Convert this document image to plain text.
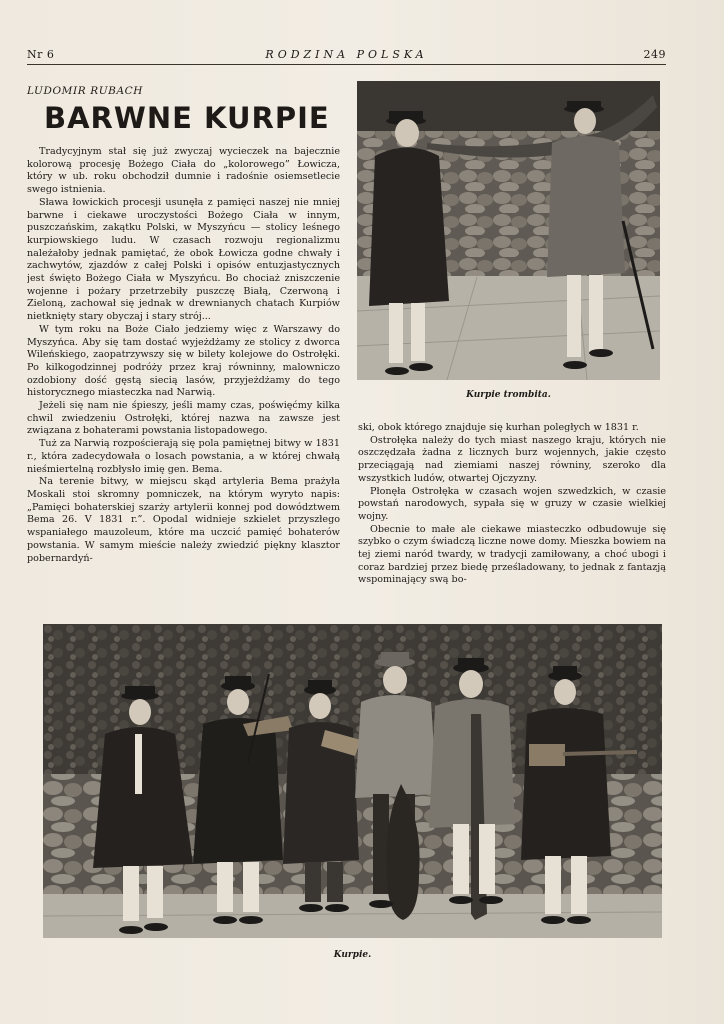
Nr 6	RODZINA POLSKA	249
LUDOMIR RUBACH
BARWNE KURPIE

Tradycyjnym stał się już zwyczaj wycieczek na bajecznie kolorową procesję Bożego Ciała do „kolorowego” Łowicza, który w ub. roku obchodził dumnie i radośnie osiemsetlecie swego istnienia.

Sława łowickich procesji usunęła z pamięci naszej nie mniej barwne i ciekawe uroczystości Bożego Ciała w innym, puszczańskim, zakątku Polski, w Myszyńcu — stolicy leśnego kurpiowskiego ludu. W czasach rozwoju regionalizmu należałoby jednak pamiętać, że obok Łowicza godne chwały i zachwytów, zjazdów z całej Polski i opisów entuzjastycznych jest święto Bożego Ciała w Myszyńcu. Bo chociaż zniszczenie wojenne i pożary przetrzebiły puszczę Białą, Czerwoną i Zieloną, zachował się jednak w drewnianych chatach Kurpiów nietknięty stary obyczaj i stary strój...

W tym roku na Boże Ciało jedziemy więc z Warszawy do Myszyńca. Aby się tam dostać wyjeżdżamy ze stolicy z dworca Wileńskiego, zaopatrzywszy się w bilety kolejowe do Ostrołęki. Po kilkogodzinnej podróży przez kraj równinny, malowniczo ozdobiony dość gęstą siecią lasów, przyjeżdżamy do tego historycznego miasteczka nad Narwią.

Jeżeli się nam nie śpieszy, jeśli mamy czas, poświęćmy kilka chwil zwiedzeniu Ostrołęki, której nazwa na zawsze jest związana z bohaterami powstania listopadowego.

Tuż za Narwią rozpościerają się pola pamiętnej bitwy w 1831 r., która zadecydowała o losach powstania, a w której chwałą nieśmiertelną rozbłysło imię gen. Bema.

Na terenie bitwy, w miejscu skąd artyleria Bema prażyła Moskali stoi skromny pomniczek, na którym wyryto napis: „Pamięci bohaterskiej szarży artylerii konnej pod dowództwem Bema 26. V 1831 r.”. Opodal widnieje szkielet przyszłego wspaniałego mauzoleum, które ma uczcić pamięć bohaterów powstania. W samym mieście należy zwiedzić piękny klasztor pobernardyń-

Kurpie trombita.

ski, obok którego znajduje się kurhan poległych w 1831 r.

Ostrołęka należy do tych miast naszego kraju, których nie oszczędzała żadna z licznych burz wojennych, jakie często przeciągają nad ziemiami naszej równiny, szeroko dla wszystkich ludów, otwartej Ojczyzny.

Płonęła Ostrołęka w czasach wojen szwedzkich, w czasie powstań narodowych, sypała się w gruzy w czasie wielkiej wojny.

Obecnie to małe ale ciekawe miasteczko odbudowuje się szybko o czym świadczą liczne nowe domy. Mieszka bowiem na tej ziemi naród twardy, w tradycji zamiłowany, a choć ubogi i coraz bardziej przez biedę prześladowany, to jednak z fantazją wspominający swą bo-

Kurpie.
